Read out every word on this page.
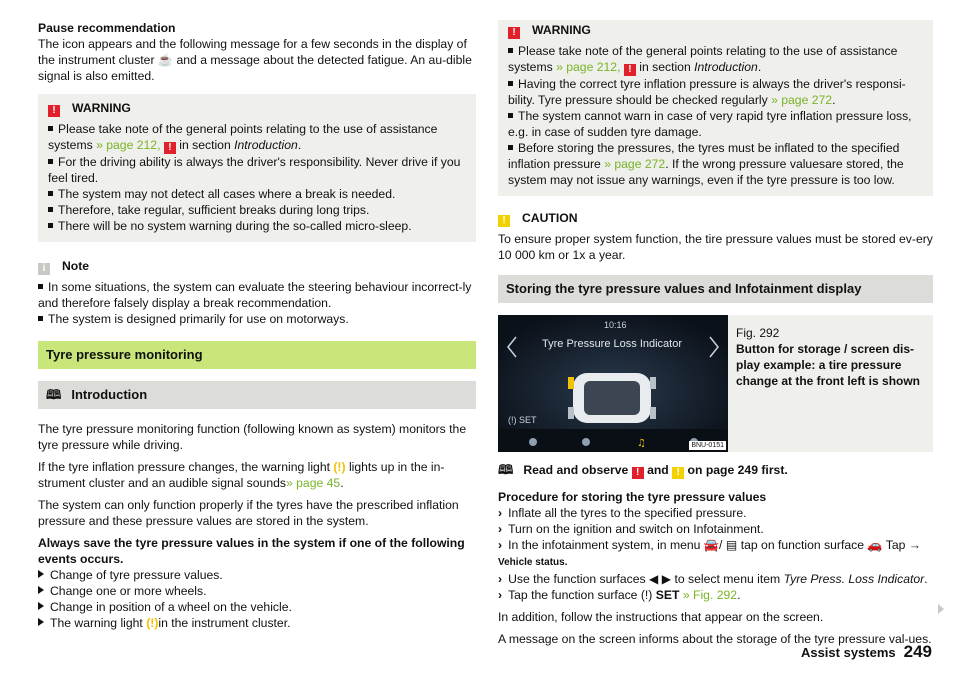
Pause recommendation
The icon appears and the following message for a few seconds in the display of the instrument cluster ☕ and a message about the detected fatigue. An au-dible signal is also emitted.

! WARNING

Please take note of the general points relating to the use of assistance systems » page 212, ! in section Introduction.

For the driving ability is always the driver's responsibility. Never drive if you feel tired.

The system may not detect all cases where a break is needed.

Therefore, take regular, sufficient breaks during long trips.

There will be no system warning during the so-called micro-sleep.

i Note

In some situations, the system can evaluate the steering behaviour incorrect-ly and therefore falsely display a break recommendation.

The system is designed primarily for use on motorways.

Tyre pressure monitoring
🕮 Introduction

The tyre pressure monitoring function (following known as system) monitors the tyre pressure while driving.

If the tyre inflation pressure changes, the warning light (!) lights up in the in-strument cluster and an audible signal sounds» page 45.

The system can only function properly if the tyres have the prescribed inflation pressure and these pressure values are stored in the system.

Always save the tyre pressure values in the system if one of the following events occurs.

Change of tyre pressure values.

Change one or more wheels.

Change in position of a wheel on the vehicle.

The warning light (!)in the instrument cluster.

! WARNING

Please take note of the general points relating to the use of assistance systems » page 212, ! in section Introduction.

Having the correct tyre inflation pressure is always the driver's responsi-bility. Tyre pressure should be checked regularly » page 272.

The system cannot warn in case of very rapid tyre inflation pressure loss, e.g. in case of sudden tyre damage.

Before storing the pressures, the tyres must be inflated to the specified inflation pressure » page 272. If the wrong pressure valuesare stored, the system may not issue any warnings, even if the tyre pressure is too low.

! CAUTION

To ensure proper system function, the tire pressure values must be stored ev-ery 10 000 km or 1x a year.

Storing the tyre pressure values and Infotainment display
♫
10:16
Tyre Pressure Loss Indicator
(!) SET
BNU-0151
Fig. 292
Button for storage / screen dis-play example: a tire pressure change at the front left is shown

🕮 Read and observe ! and ! on page 249 first.

Procedure for storing the tyre pressure values

› Inflate all the tyres to the specified pressure.

› Turn on the ignition and switch on Infotainment.

› In the infotainment system, in menu 🚘/ ▤ tap on function surface 🚗 Tap →
Vehicle status.

› Use the function surfaces ◀ ▶ to select menu item Tyre Press. Loss Indicator.

› Tap the function surface (!) SET » Fig. 292.

In addition, follow the instructions that appear on the screen.

A message on the screen informs about the storage of the tyre pressure val-ues.

Assist systems 249
